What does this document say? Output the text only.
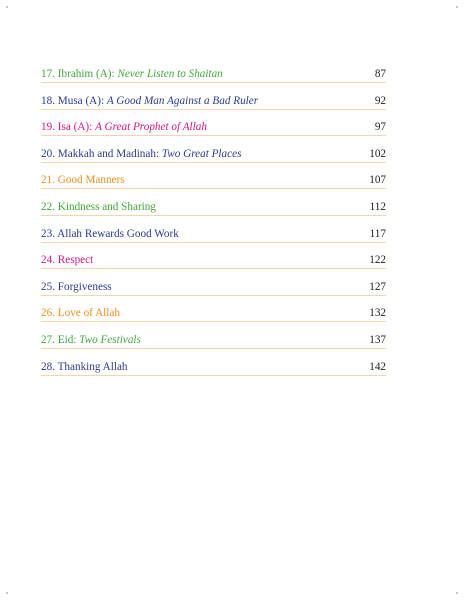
17. Ibrahim (A): Never Listen to Shaitan	87
18. Musa (A): A Good Man Against a Bad Ruler	92
19. Isa (A): A Great Prophet of Allah	97
20. Makkah and Madinah: Two Great Places	102
21. Good Manners	107
22. Kindness and Sharing	112
23. Allah Rewards Good Work	117
24. Respect	122
25. Forgiveness	127
26. Love of Allah	132
27. Eid: Two Festivals	137
28. Thanking Allah	142
